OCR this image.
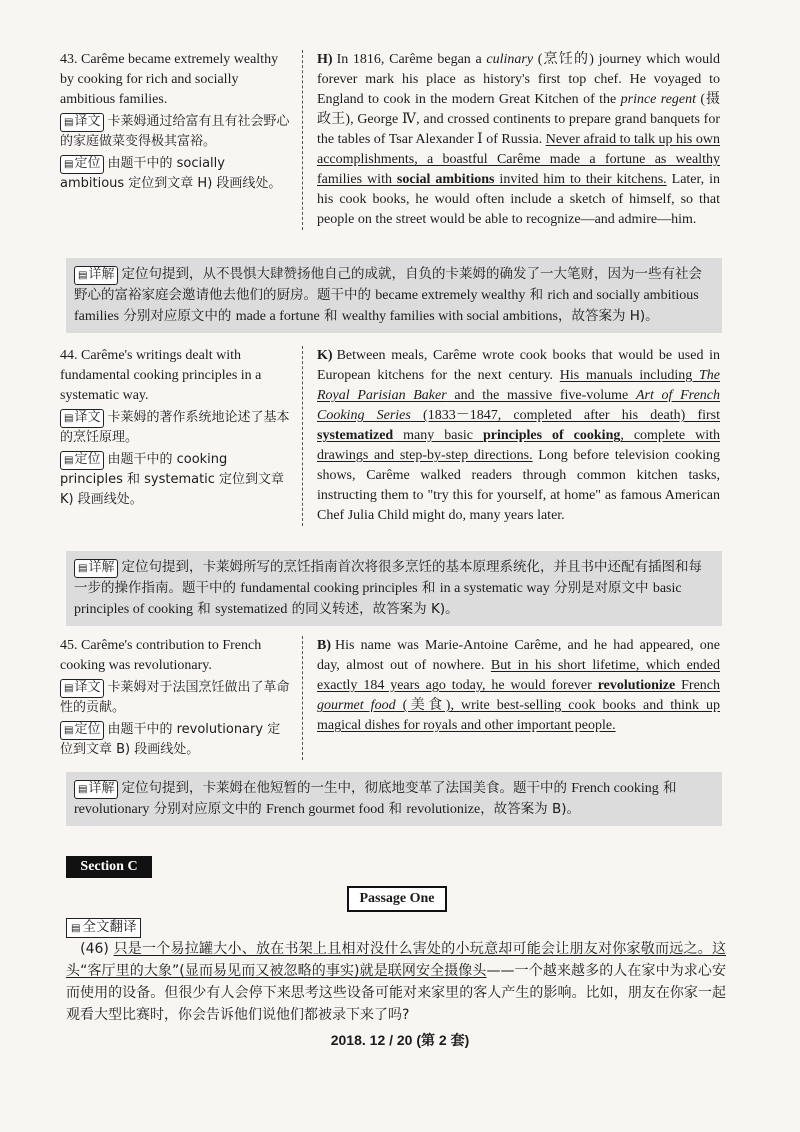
43. Carême became extremely wealthy by cooking for rich and socially ambitious families.
▤译文 卡莱姆通过给富有且有社会野心的家庭做菜变得极其富裕。
▤定位 由题干中的 socially ambitious 定位到文章 H) 段画线处。
H) In 1816, Carême began a culinary (烹饪的) journey which would forever mark his place as history's first top chef. He voyaged to England to cook in the modern Great Kitchen of the prince regent (摄政王), George Ⅳ, and crossed continents to prepare grand banquets for the tables of Tsar Alexander Ⅰ of Russia. Never afraid to talk up his own accomplishments, a boastful Carême made a fortune as wealthy families with social ambitions invited him to their kitchens. Later, in his cook books, he would often include a sketch of himself, so that people on the street would be able to recognize—and admire—him.
▤详解 定位句提到，从不畏惧大肆赞扬他自己的成就，自负的卡莱姆的确发了一大笔财，因为一些有社会野心的富裕家庭会邀请他去他们的厨房。题干中的 became extremely wealthy 和 rich and socially ambitious families 分别对应原文中的 made a fortune 和 wealthy families with social ambitions，故答案为 H)。
44. Carême's writings dealt with fundamental cooking principles in a systematic way.
▤译文 卡莱姆的著作系统地论述了基本的烹饪原理。
▤定位 由题干中的 cooking principles 和 systematic 定位到文章 K) 段画线处。
K) Between meals, Carême wrote cook books that would be used in European kitchens for the next century. His manuals including The Royal Parisian Baker and the massive five-volume Art of French Cooking Series (1833－1847, completed after his death) first systematized many basic principles of cooking, complete with drawings and step-by-step directions. Long before television cooking shows, Carême walked readers through common kitchen tasks, instructing them to "try this for yourself, at home" as famous American Chef Julia Child might do, many years later.
▤详解 定位句提到，卡莱姆所写的烹饪指南首次将很多烹饪的基本原理系统化，并且书中还配有插图和每一步的操作指南。题干中的 fundamental cooking principles 和 in a systematic way 分别是对原文中 basic principles of cooking 和 systematized 的同义转述，故答案为 K)。
45. Carême's contribution to French cooking was revolutionary.
▤译文 卡莱姆对于法国烹饪做出了革命性的贡献。
▤定位 由题干中的 revolutionary 定位到文章 B) 段画线处。
B) His name was Marie-Antoine Carême, and he had appeared, one day, almost out of nowhere. But in his short lifetime, which ended exactly 184 years ago today, he would forever revolutionize French gourmet food (美食), write best-selling cook books and think up magical dishes for royals and other important people.
▤详解 定位句提到，卡莱姆在他短暂的一生中，彻底地变革了法国美食。题干中的 French cooking 和 revolutionary 分别对应原文中的 French gourmet food 和 revolutionize，故答案为 B)。
Section C
Passage One
▤ 全文翻译
(46) 只是一个易拉罐大小、放在书架上且相对没什么害处的小玩意却可能会让朋友对你家敬而远之。这头“客厅里的大象”(显而易见而又被忽略的事实)就是联网安全摄像头——一个越来越多的人在家中为求心安而使用的设备。但很少有人会停下来思考这些设备可能对来家里的客人产生的影响。比如，朋友在你家一起观看大型比赛时，你会告诉他们说他们都被录下来了吗?
2018. 12 / 20 (第 2 套)
